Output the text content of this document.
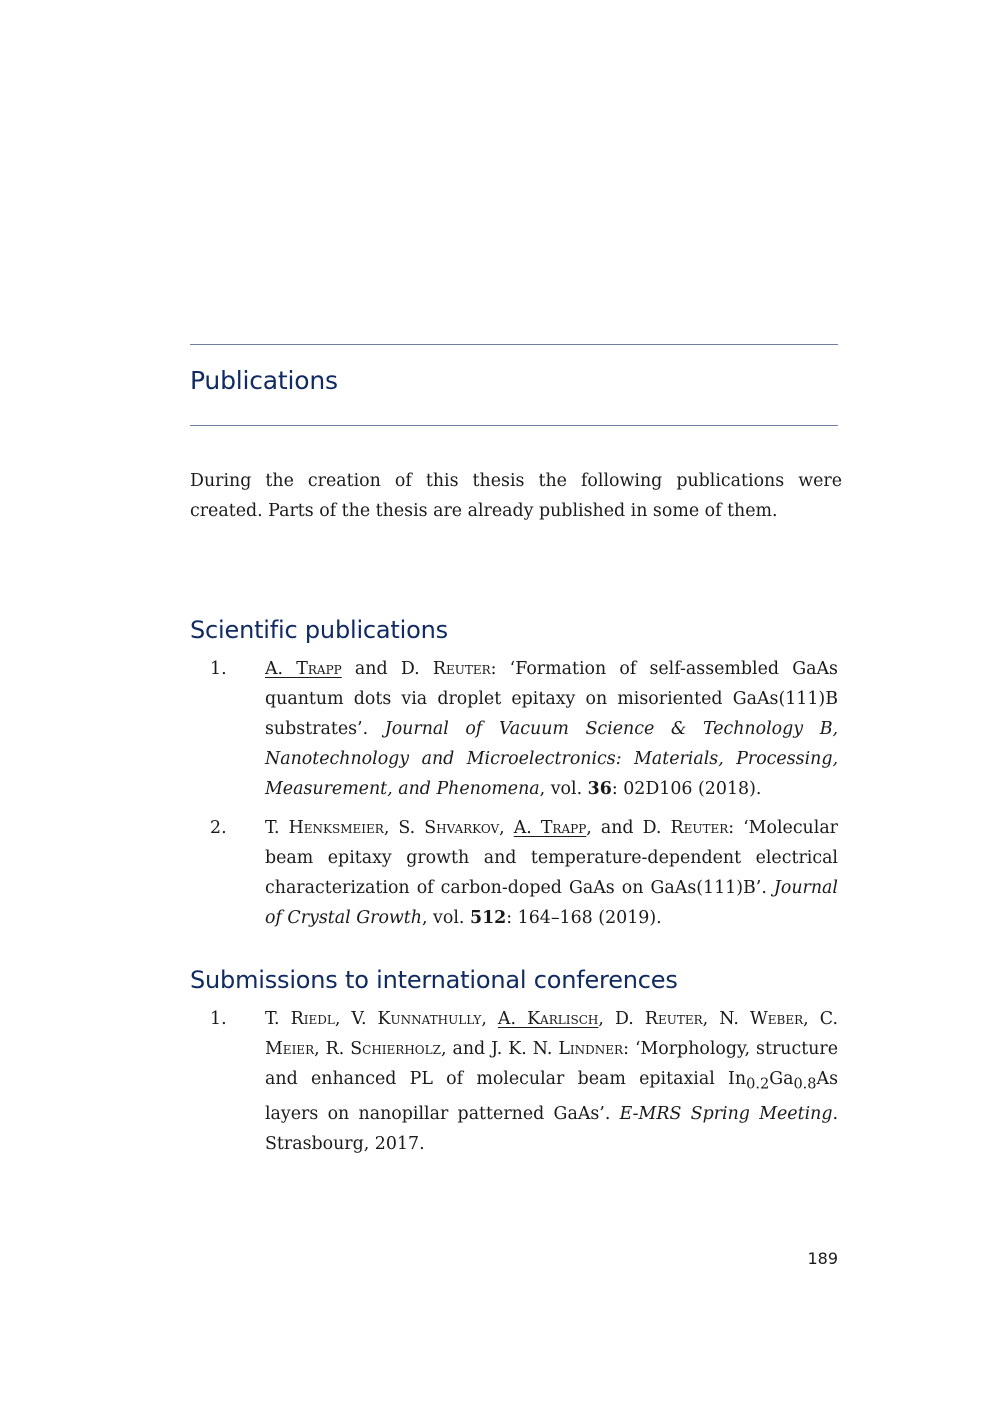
Publications

During the creation of this thesis the following publications were created. Parts of the thesis are already published in some of them.

Scientific publications
1. A. Trapp and D. Reuter: ‘Formation of self-assembled GaAs quantum dots via droplet epitaxy on misoriented GaAs(111)B substrates’. Journal of Vacuum Science & Technology B, Nanotechnology and Microelectronics: Materials, Processing, Measurement, and Phenomena, vol. 36: 02D106 (2018).
2. T. Henksmeier, S. Shvarkov, A. Trapp, and D. Reuter: ‘Molecular beam epitaxy growth and temperature-dependent electrical characterization of carbon-doped GaAs on GaAs(111)B’. Journal of Crystal Growth, vol. 512: 164–168 (2019).
Submissions to international conferences
1. T. Riedl, V. Kunnathully, A. Karlisch, D. Reuter, N. Weber, C. Meier, R. Schierholz, and J. K. N. Lindner: ‘Morphology, structure and enhanced PL of molecular beam epitaxial $In_{0.2}Ga_{0.8}As$ layers on nanopillar patterned GaAs’. E-MRS Spring Meeting. Strasbourg, 2017.
189
